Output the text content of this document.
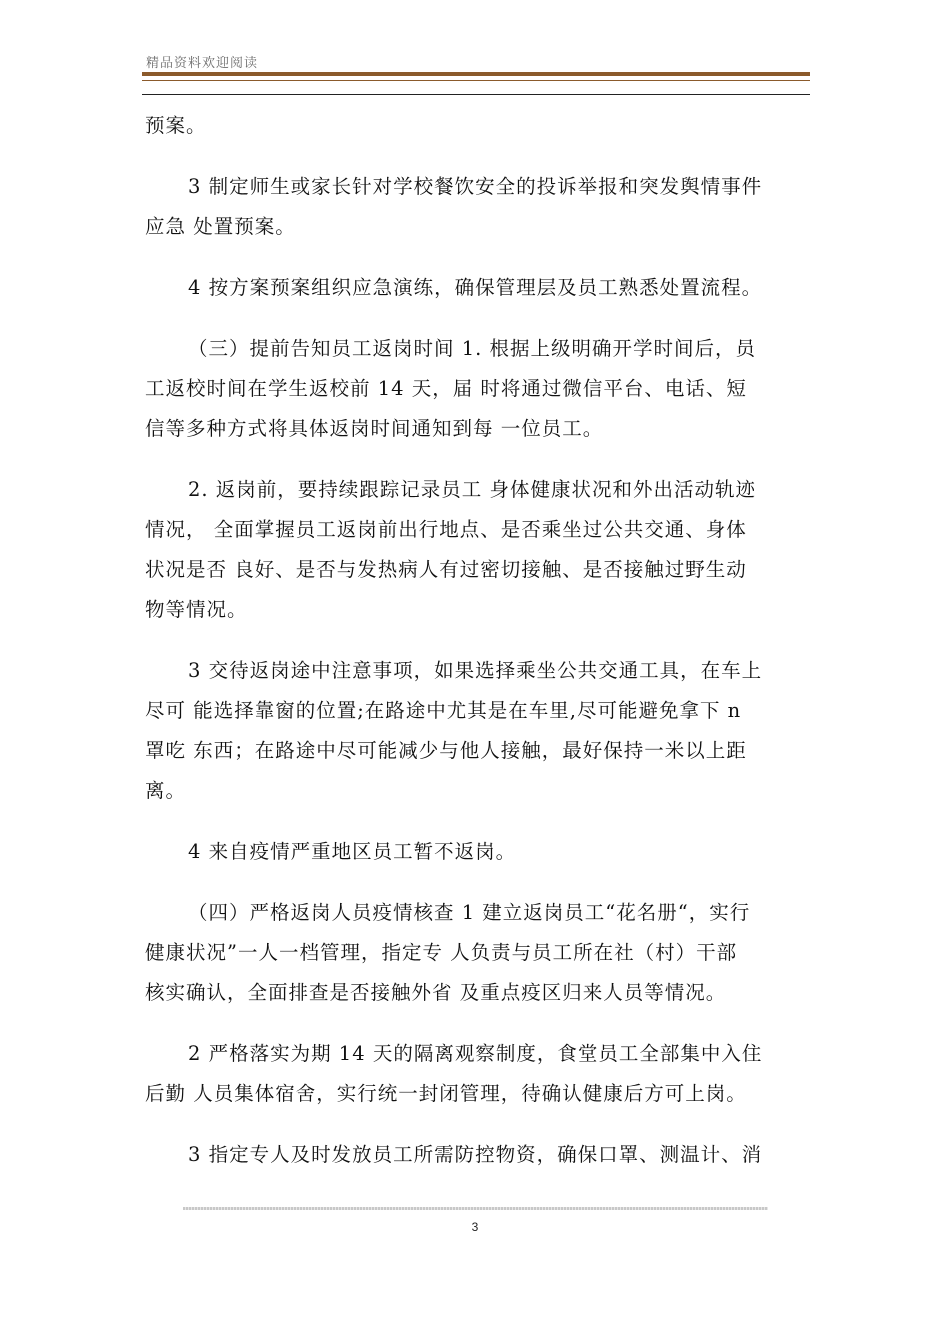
精品资料欢迎阅读
预案。
3 制定师生或家长针对学校餐饮安全的投诉举报和突发舆情事件
应急 处置预案。
4 按方案预案组织应急演练，确保管理层及员工熟悉处置流程。
（三）提前告知员工返岗时间 1. 根据上级明确开学时间后，员
工返校时间在学生返校前 14 天，届 时将通过微信平台、电话、短
信等多种方式将具体返岗时间通知到每 一位员工。
2. 返岗前，要持续跟踪记录员工 身体健康状况和外出活动轨迹
情况， 全面掌握员工返岗前出行地点、是否乘坐过公共交通、身体
状况是否 良好、是否与发热病人有过密切接触、是否接触过野生动
物等情况。
3 交待返岗途中注意事项，如果选择乘坐公共交通工具，在车上
尽可 能选择靠窗的位置;在路途中尤其是在车里,尽可能避免拿下 n
罩吃 东西；在路途中尽可能减少与他人接触，最好保持一米以上距
离。
4 来自疫情严重地区员工暂不返岗。
（四）严格返岗人员疫情核查 1 建立返岗员工“花名册“，实行
健康状况”一人一档管理，指定专 人负责与员工所在社（村）干部
核实确认，全面排查是否接触外省 及重点疫区归来人员等情况。
2 严格落实为期 14 天的隔离观察制度，食堂员工全部集中入住
后勤 人员集体宿舍，实行统一封闭管理，待确认健康后方可上岗。
3 指定专人及时发放员工所需防控物资，确保口罩、测温计、消
3
